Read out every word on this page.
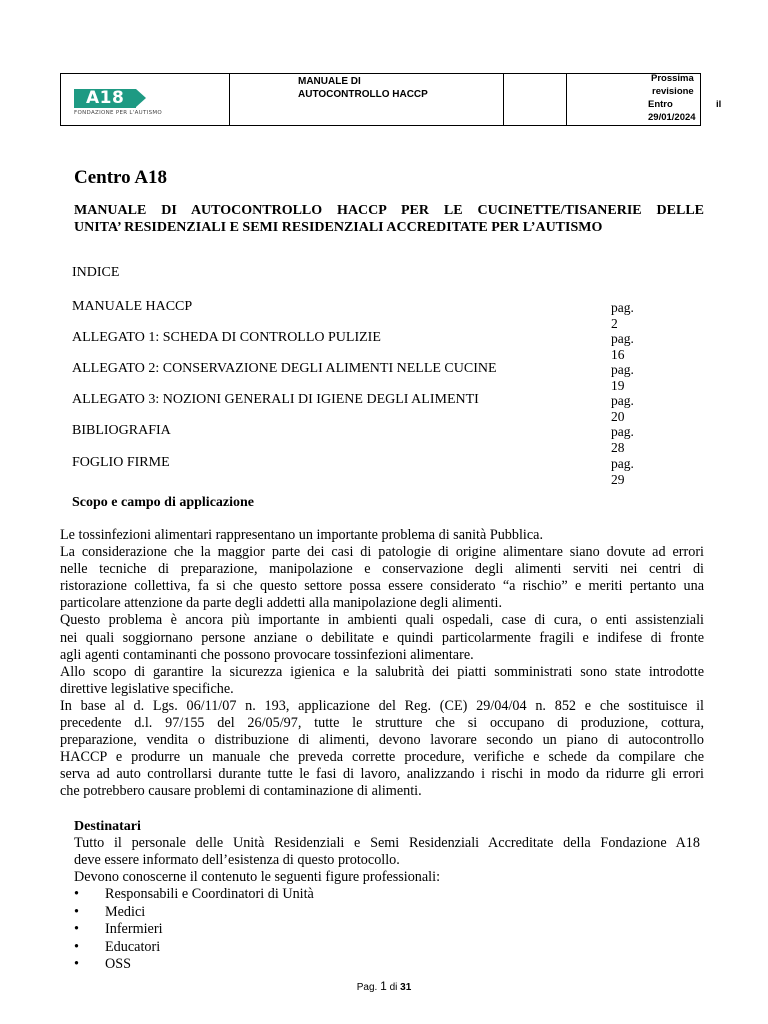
A18
FONDAZIONE PER L'AUTISMO
MANUALE DI
AUTOCONTROLLO HACCP
Prossima
revisione
Entro	il
29/01/2024
Centro A18
MANUALE DI AUTOCONTROLLO HACCP PER LE CUCINETTE/TISANERIE DELLE
UNITA’ RESIDENZIALI E SEMI RESIDENZIALI ACCREDITATE PER L’AUTISMO
INDICE
MANUALE HACCP	pag.
2
ALLEGATO 1: SCHEDA DI CONTROLLO PULIZIE	pag.
16
ALLEGATO 2: CONSERVAZIONE DEGLI ALIMENTI NELLE CUCINE	pag.
19
ALLEGATO 3: NOZIONI GENERALI DI IGIENE DEGLI ALIMENTI	pag.
20
BIBLIOGRAFIA	pag.
28
FOGLIO FIRME	pag.
29
Scopo e campo di applicazione
Le tossinfezioni alimentari rappresentano un importante problema di sanità Pubblica.
La considerazione che la maggior parte dei casi di patologie di origine alimentare siano dovute ad errori
nelle tecniche di preparazione, manipolazione e conservazione degli alimenti serviti nei centri di
ristorazione collettiva, fa si che questo settore possa essere considerato “a rischio” e meriti pertanto una
particolare attenzione da parte degli addetti alla manipolazione degli alimenti.
Questo problema è ancora più importante in ambienti quali ospedali, case di cura, o enti assistenziali
nei quali soggiornano persone anziane o debilitate e quindi particolarmente fragili e indifese di fronte
agli agenti contaminanti che possono provocare tossinfezioni alimentare.
Allo scopo di garantire la sicurezza igienica e la salubrità dei piatti somministrati sono state introdotte
direttive legislative specifiche.
In base al d. Lgs. 06/11/07 n. 193, applicazione del Reg. (CE) 29/04/04 n. 852 e che sostituisce il
precedente d.l. 97/155 del 26/05/97, tutte le strutture che si occupano di produzione, cottura,
preparazione, vendita o distribuzione di alimenti, devono lavorare secondo un piano di autocontrollo
HACCP e produrre un manuale che preveda corrette procedure, verifiche e schede da compilare che
serva ad auto controllarsi durante tutte le fasi di lavoro, analizzando i rischi in modo da ridurre gli errori
che potrebbero causare problemi di contaminazione di alimenti.
Destinatari
Tutto il personale delle Unità Residenziali e Semi Residenziali Accreditate della Fondazione A18
deve essere informato dell’esistenza di questo protocollo.
Devono conoscerne il contenuto le seguenti figure professionali:
•	Responsabili e Coordinatori di Unità
•	Medici
•	Infermieri
•	Educatori
•	OSS
Pag. 1 di 31
